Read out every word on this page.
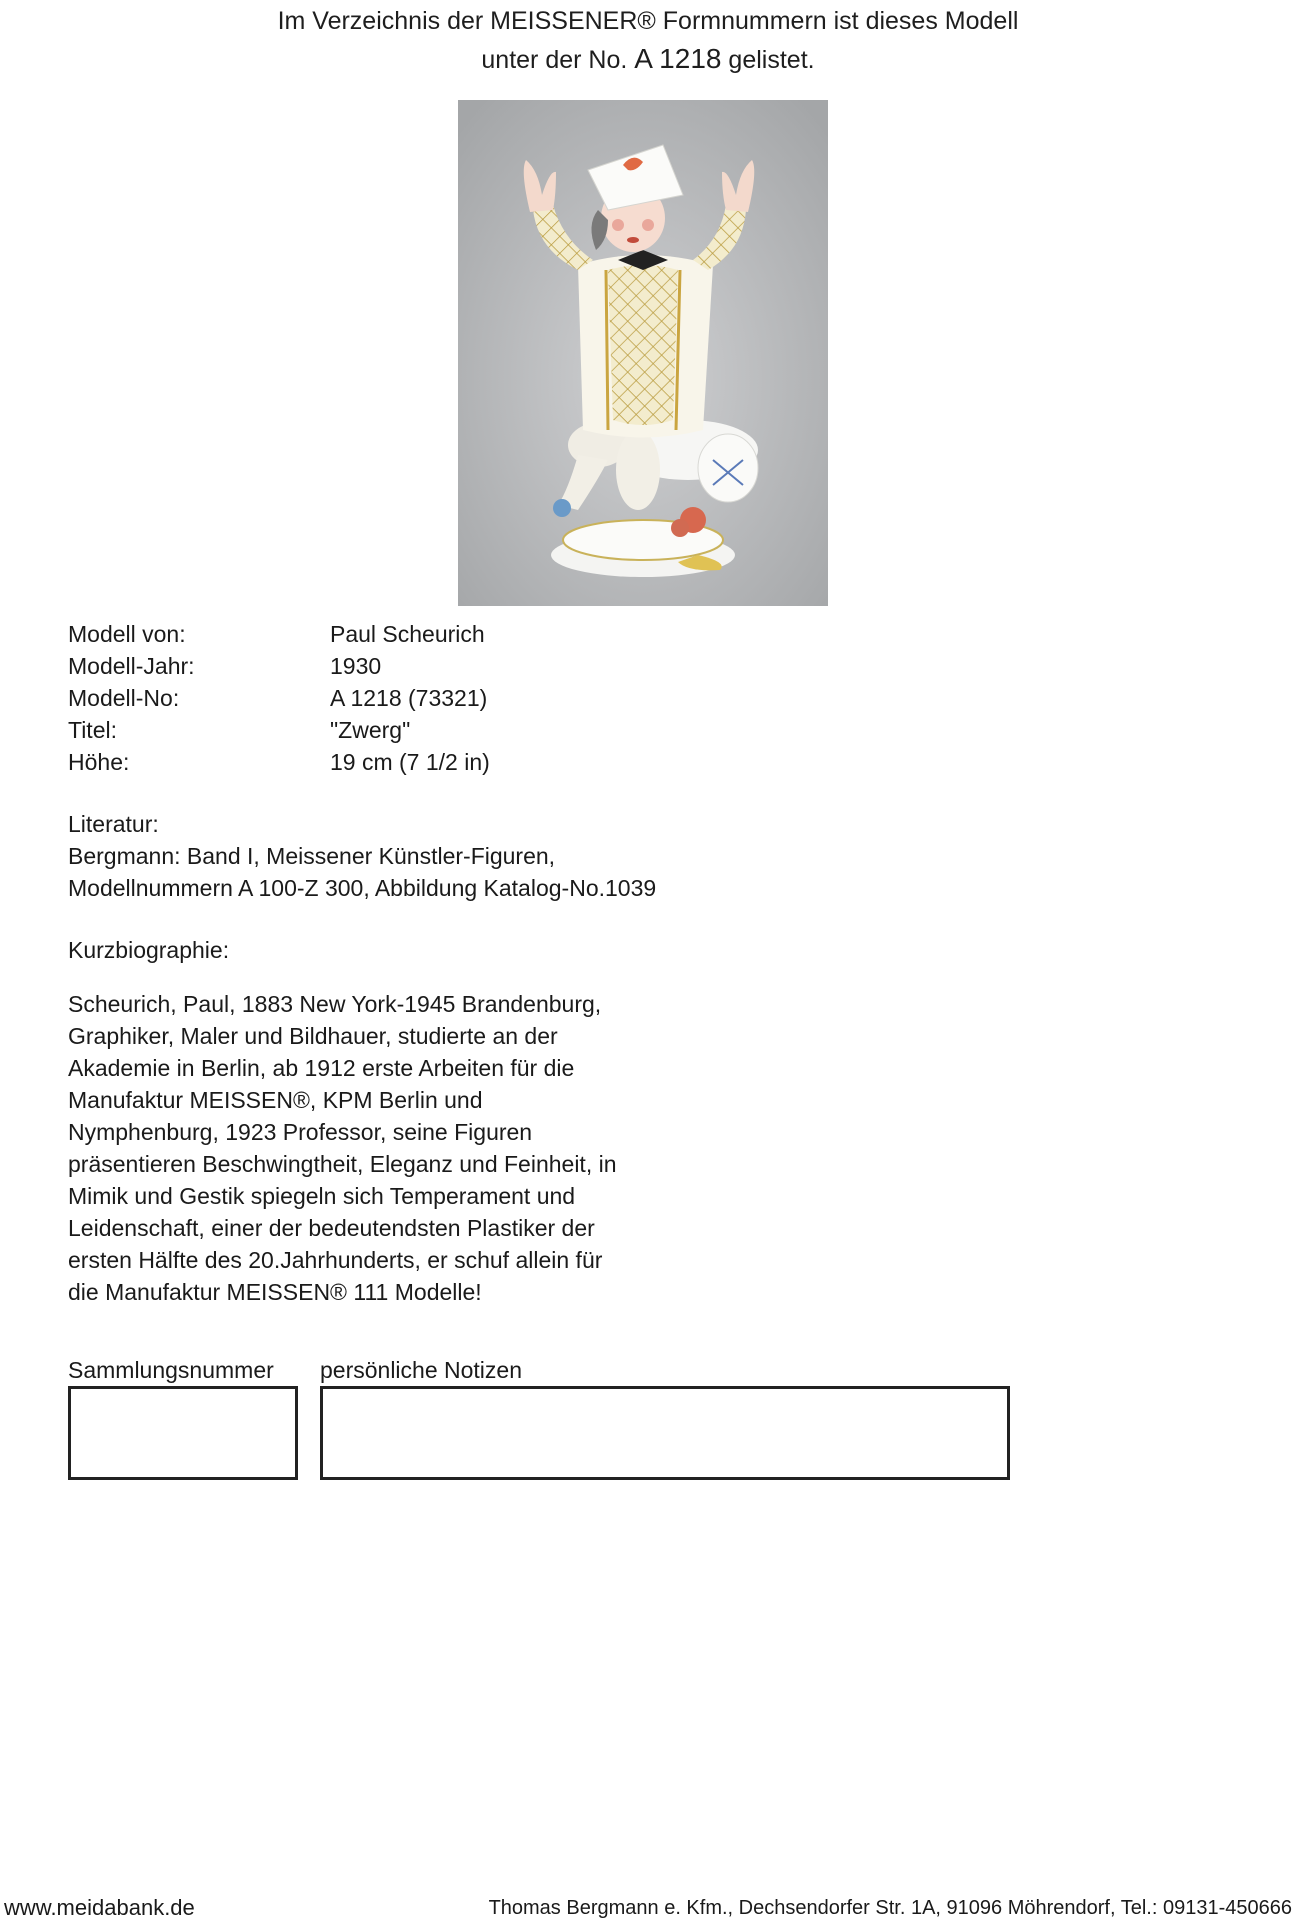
Im Verzeichnis der MEISSENER® Formnummern ist dieses Modell
unter der No. A 1218 gelistet.
Modell von:	Paul Scheurich
Modell-Jahr:	1930
Modell-No:	A 1218 (73321)
Titel:	"Zwerg"
Höhe:	19 cm (7 1/2 in)
Literatur:
Bergmann: Band I, Meissener Künstler-Figuren,
Modellnummern A 100-Z 300, Abbildung Katalog-No.1039
Kurzbiographie:
Scheurich, Paul, 1883 New York-1945 Brandenburg,
Graphiker, Maler und Bildhauer, studierte an der
Akademie in Berlin, ab 1912 erste Arbeiten für die
Manufaktur MEISSEN®, KPM Berlin und
Nymphenburg, 1923 Professor, seine Figuren
präsentieren Beschwingtheit, Eleganz und Feinheit, in
Mimik und Gestik spiegeln sich Temperament und
Leidenschaft, einer der bedeutendsten Plastiker der
ersten Hälfte des 20.Jahrhunderts, er schuf allein für
die Manufaktur MEISSEN® 111 Modelle!
Sammlungsnummer persönliche Notizen
www.meidabank.de	Thomas Bergmann e. Kfm., Dechsendorfer Str. 1A, 91096 Möhrendorf, Tel.: 09131-450666
